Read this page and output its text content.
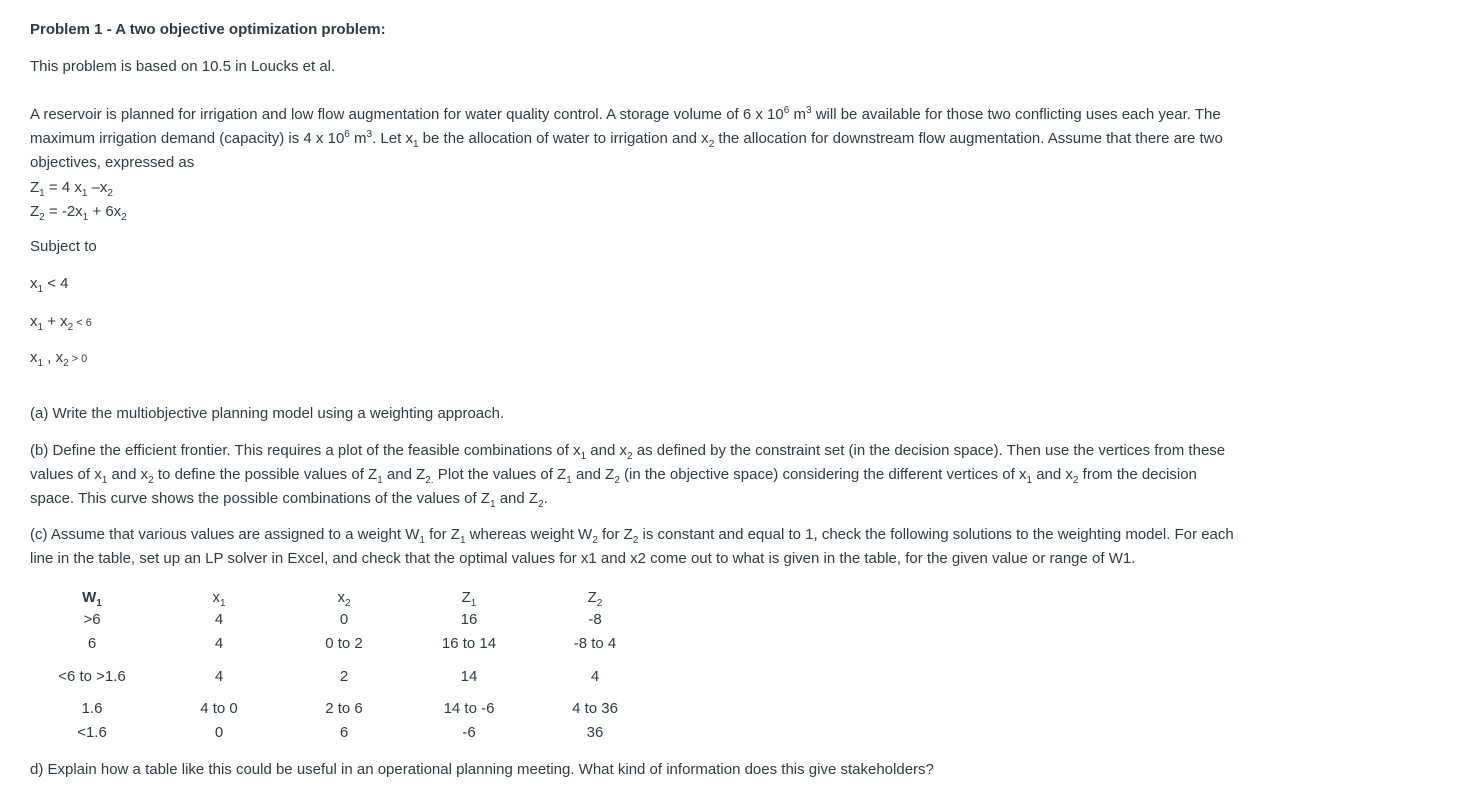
Problem 1 - A two objective optimization problem:
This problem is based on 10.5 in Loucks et al.
A reservoir is planned for irrigation and low flow augmentation for water quality control. A storage volume of 6 x $10^6$ $m^3$ will be available for those two conflicting uses each year. The
maximum irrigation demand (capacity) is 4 x $10^6$ $m^3$. Let $x_1$ be the allocation of water to irrigation and $x_2$ the allocation for downstream flow augmentation. Assume that there are two
objectives, expressed as
$Z_1 = 4$ $x_1$ $-x_2$
$Z_2 = -2x_1 + 6x_2$
Subject to
$x_1 < 4$
$x_1 + x_2 < 6$
$x_1$ , $x_2 > 0$
(a) Write the multiobjective planning model using a weighting approach.
(b) Define the efficient frontier. This requires a plot of the feasible combinations of $x_1$ and $x_2$ as defined by the constraint set (in the decision space). Then use the vertices from these
values of $x_1$ and $x_2$ to define the possible values of $Z_1$ and $Z_{2.}$ Plot the values of $Z_1$ and $Z_2$ (in the objective space) considering the different vertices of $x_1$ and $x_2$ from the decision
space. This curve shows the possible combinations of the values of $Z_1$ and $Z_2$.
(c) Assume that various values are assigned to a weight $W_1$ for $Z_1$ whereas weight $W_2$ for $Z_2$ is constant and equal to 1, check the following solutions to the weighting model. For each
line in the table, set up an LP solver in Excel, and check that the optimal values for x1 and x2 come out to what is given in the table, for the given value or range of W1.
$W_1$	$x_1$	$x_2$	$Z_1$	$Z_2$
>6	4	0	16	-8
6	4	0 to 2	16 to 14	-8 to 4
<6 to >1.6	4	2	14	4
1.6	4 to 0	2 to 6	14 to -6	4 to 36
<1.6	0	6	-6	36
d) Explain how a table like this could be useful in an operational planning meeting. What kind of information does this give stakeholders?
